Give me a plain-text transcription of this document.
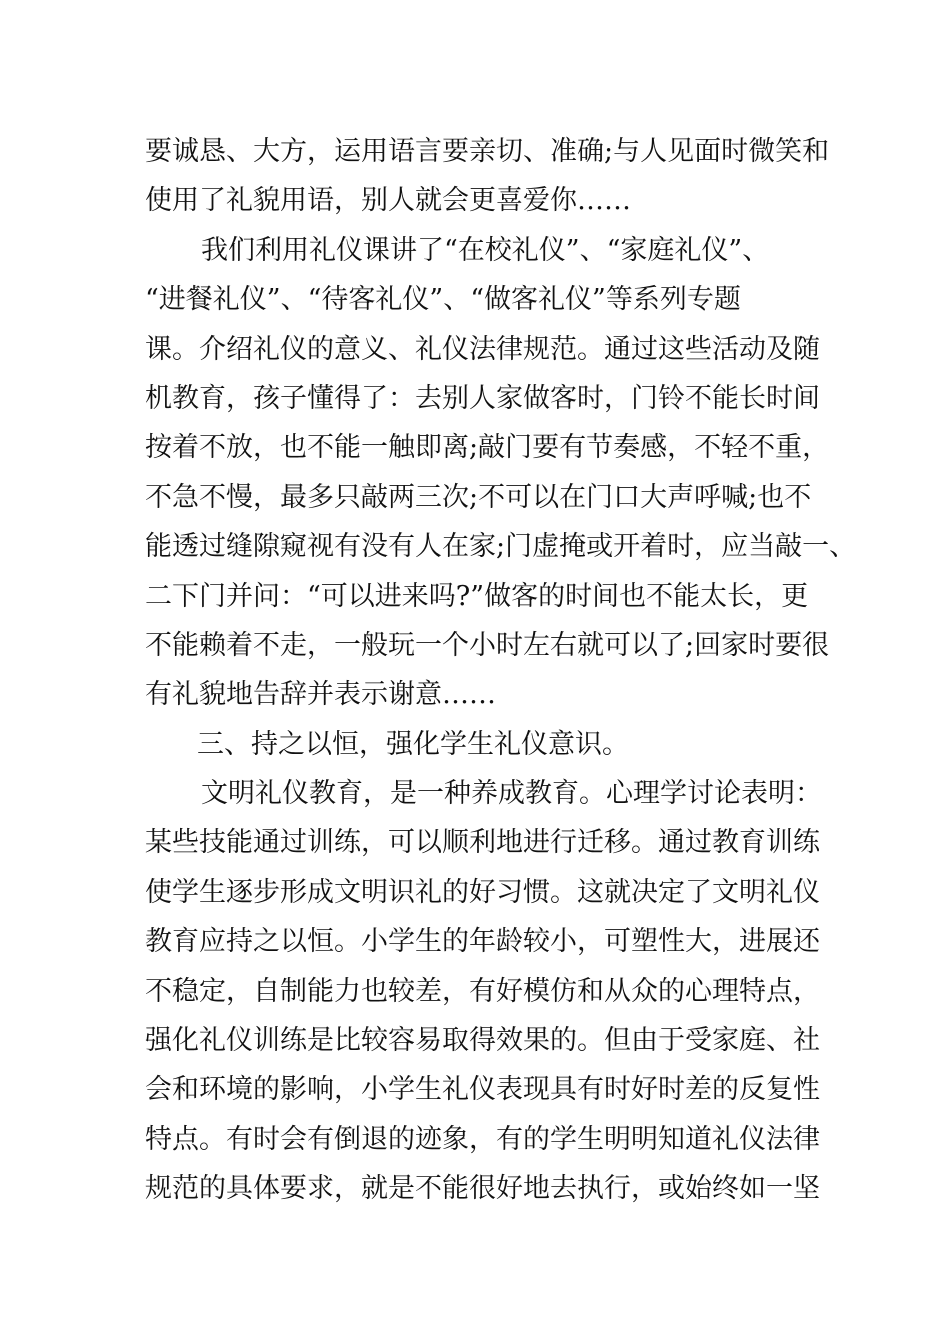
要诚恳、大方，运用语言要亲切、准确;与人见面时微笑和
使用了礼貌用语，别人就会更喜爱你……
我们利用礼仪课讲了“在校礼仪”、“家庭礼仪”、
“进餐礼仪”、“待客礼仪”、“做客礼仪”等系列专题
课。介绍礼仪的意义、礼仪法律规范。通过这些活动及随
机教育，孩子懂得了：去别人家做客时，门铃不能长时间
按着不放，也不能一触即离;敲门要有节奏感，不轻不重，
不急不慢，最多只敲两三次;不可以在门口大声呼喊;也不
能透过缝隙窥视有没有人在家;门虚掩或开着时，应当敲一、
二下门并问：“可以进来吗?”做客的时间也不能太长，更
不能赖着不走，一般玩一个小时左右就可以了;回家时要很
有礼貌地告辞并表示谢意……
三、持之以恒，强化学生礼仪意识。
文明礼仪教育，是一种养成教育。心理学讨论表明：
某些技能通过训练，可以顺利地进行迁移。通过教育训练
使学生逐步形成文明识礼的好习惯。这就决定了文明礼仪
教育应持之以恒。小学生的年龄较小，可塑性大，进展还
不稳定，自制能力也较差，有好模仿和从众的心理特点，
强化礼仪训练是比较容易取得效果的。但由于受家庭、社
会和环境的影响，小学生礼仪表现具有时好时差的反复性
特点。有时会有倒退的迹象，有的学生明明知道礼仪法律
规范的具体要求，就是不能很好地去执行，或始终如一坚
